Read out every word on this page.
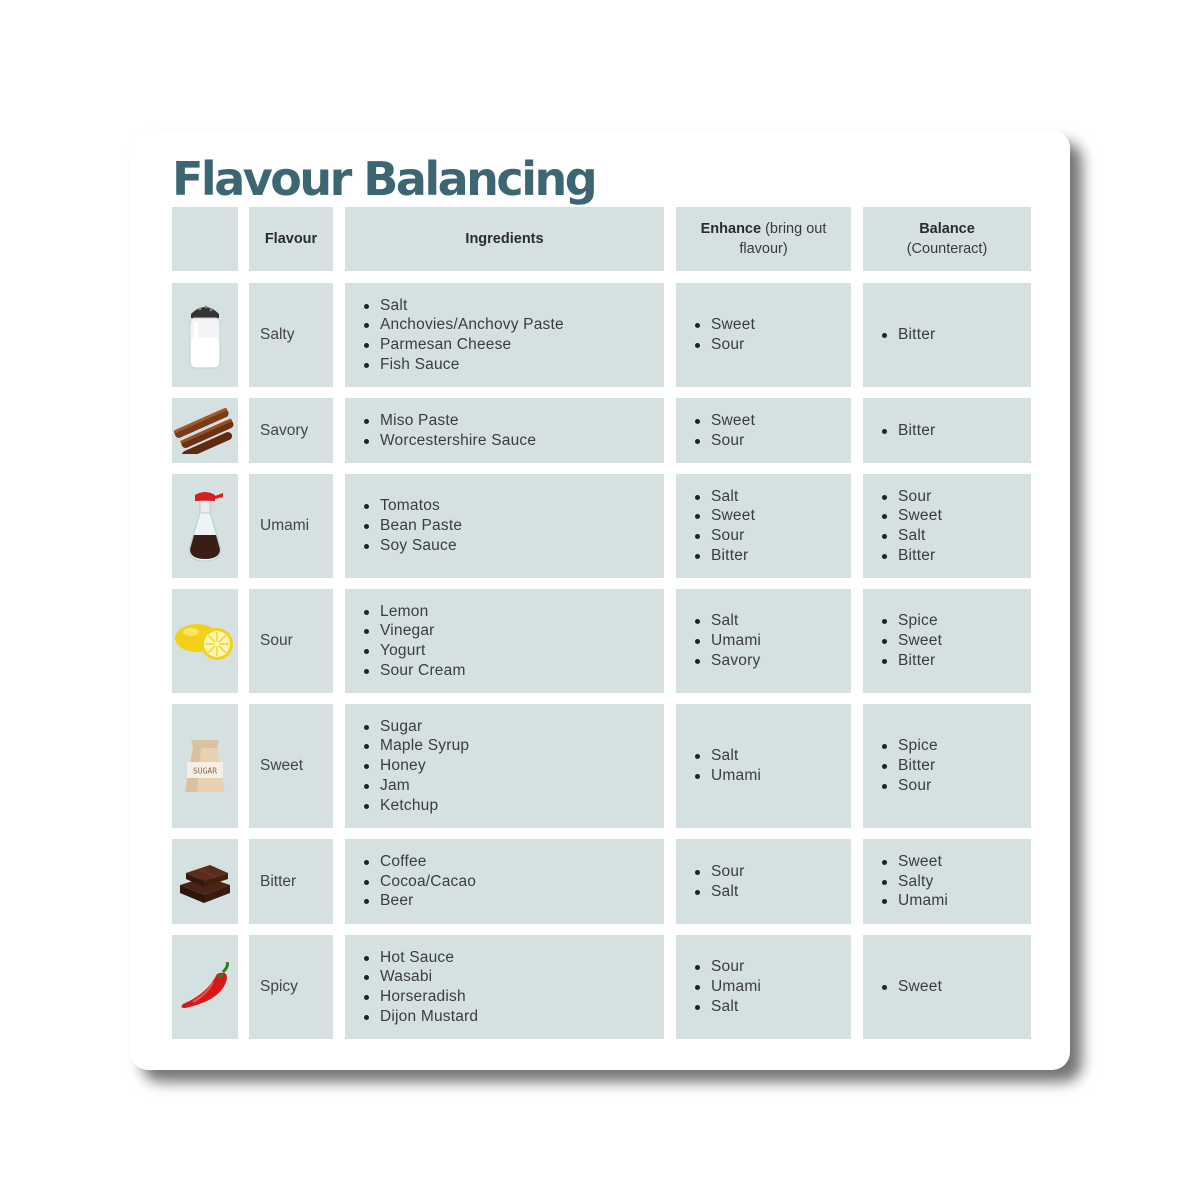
Flavour Balancing
Flavour	Ingredients
Enhance (bring out flavour)
Balance
(Counteract)
Salty
Salt
Anchovies/Anchovy Paste
Parmesan Cheese
Fish Sauce
Sweet
Sour
Bitter
Savory
Miso Paste
Worcestershire Sauce
Sweet
Sour
Bitter
Umami
Tomatos
Bean Paste
Soy Sauce
Salt
Sweet
Sour
Bitter
Sour
Sweet
Salt
Bitter
Sour
Lemon
Vinegar
Yogurt
Sour Cream
Salt
Umami
Savory
Spice
Sweet
Bitter
SUGAR	Sweet
Sugar
Maple Syrup
Honey
Jam
Ketchup
Salt
Umami
Spice
Bitter
Sour
Bitter
Coffee
Cocoa/Cacao
Beer
Sour
Salt
Sweet
Salty
Umami
Spicy
Hot Sauce
Wasabi
Horseradish
Dijon Mustard
Sour
Umami
Salt
Sweet
